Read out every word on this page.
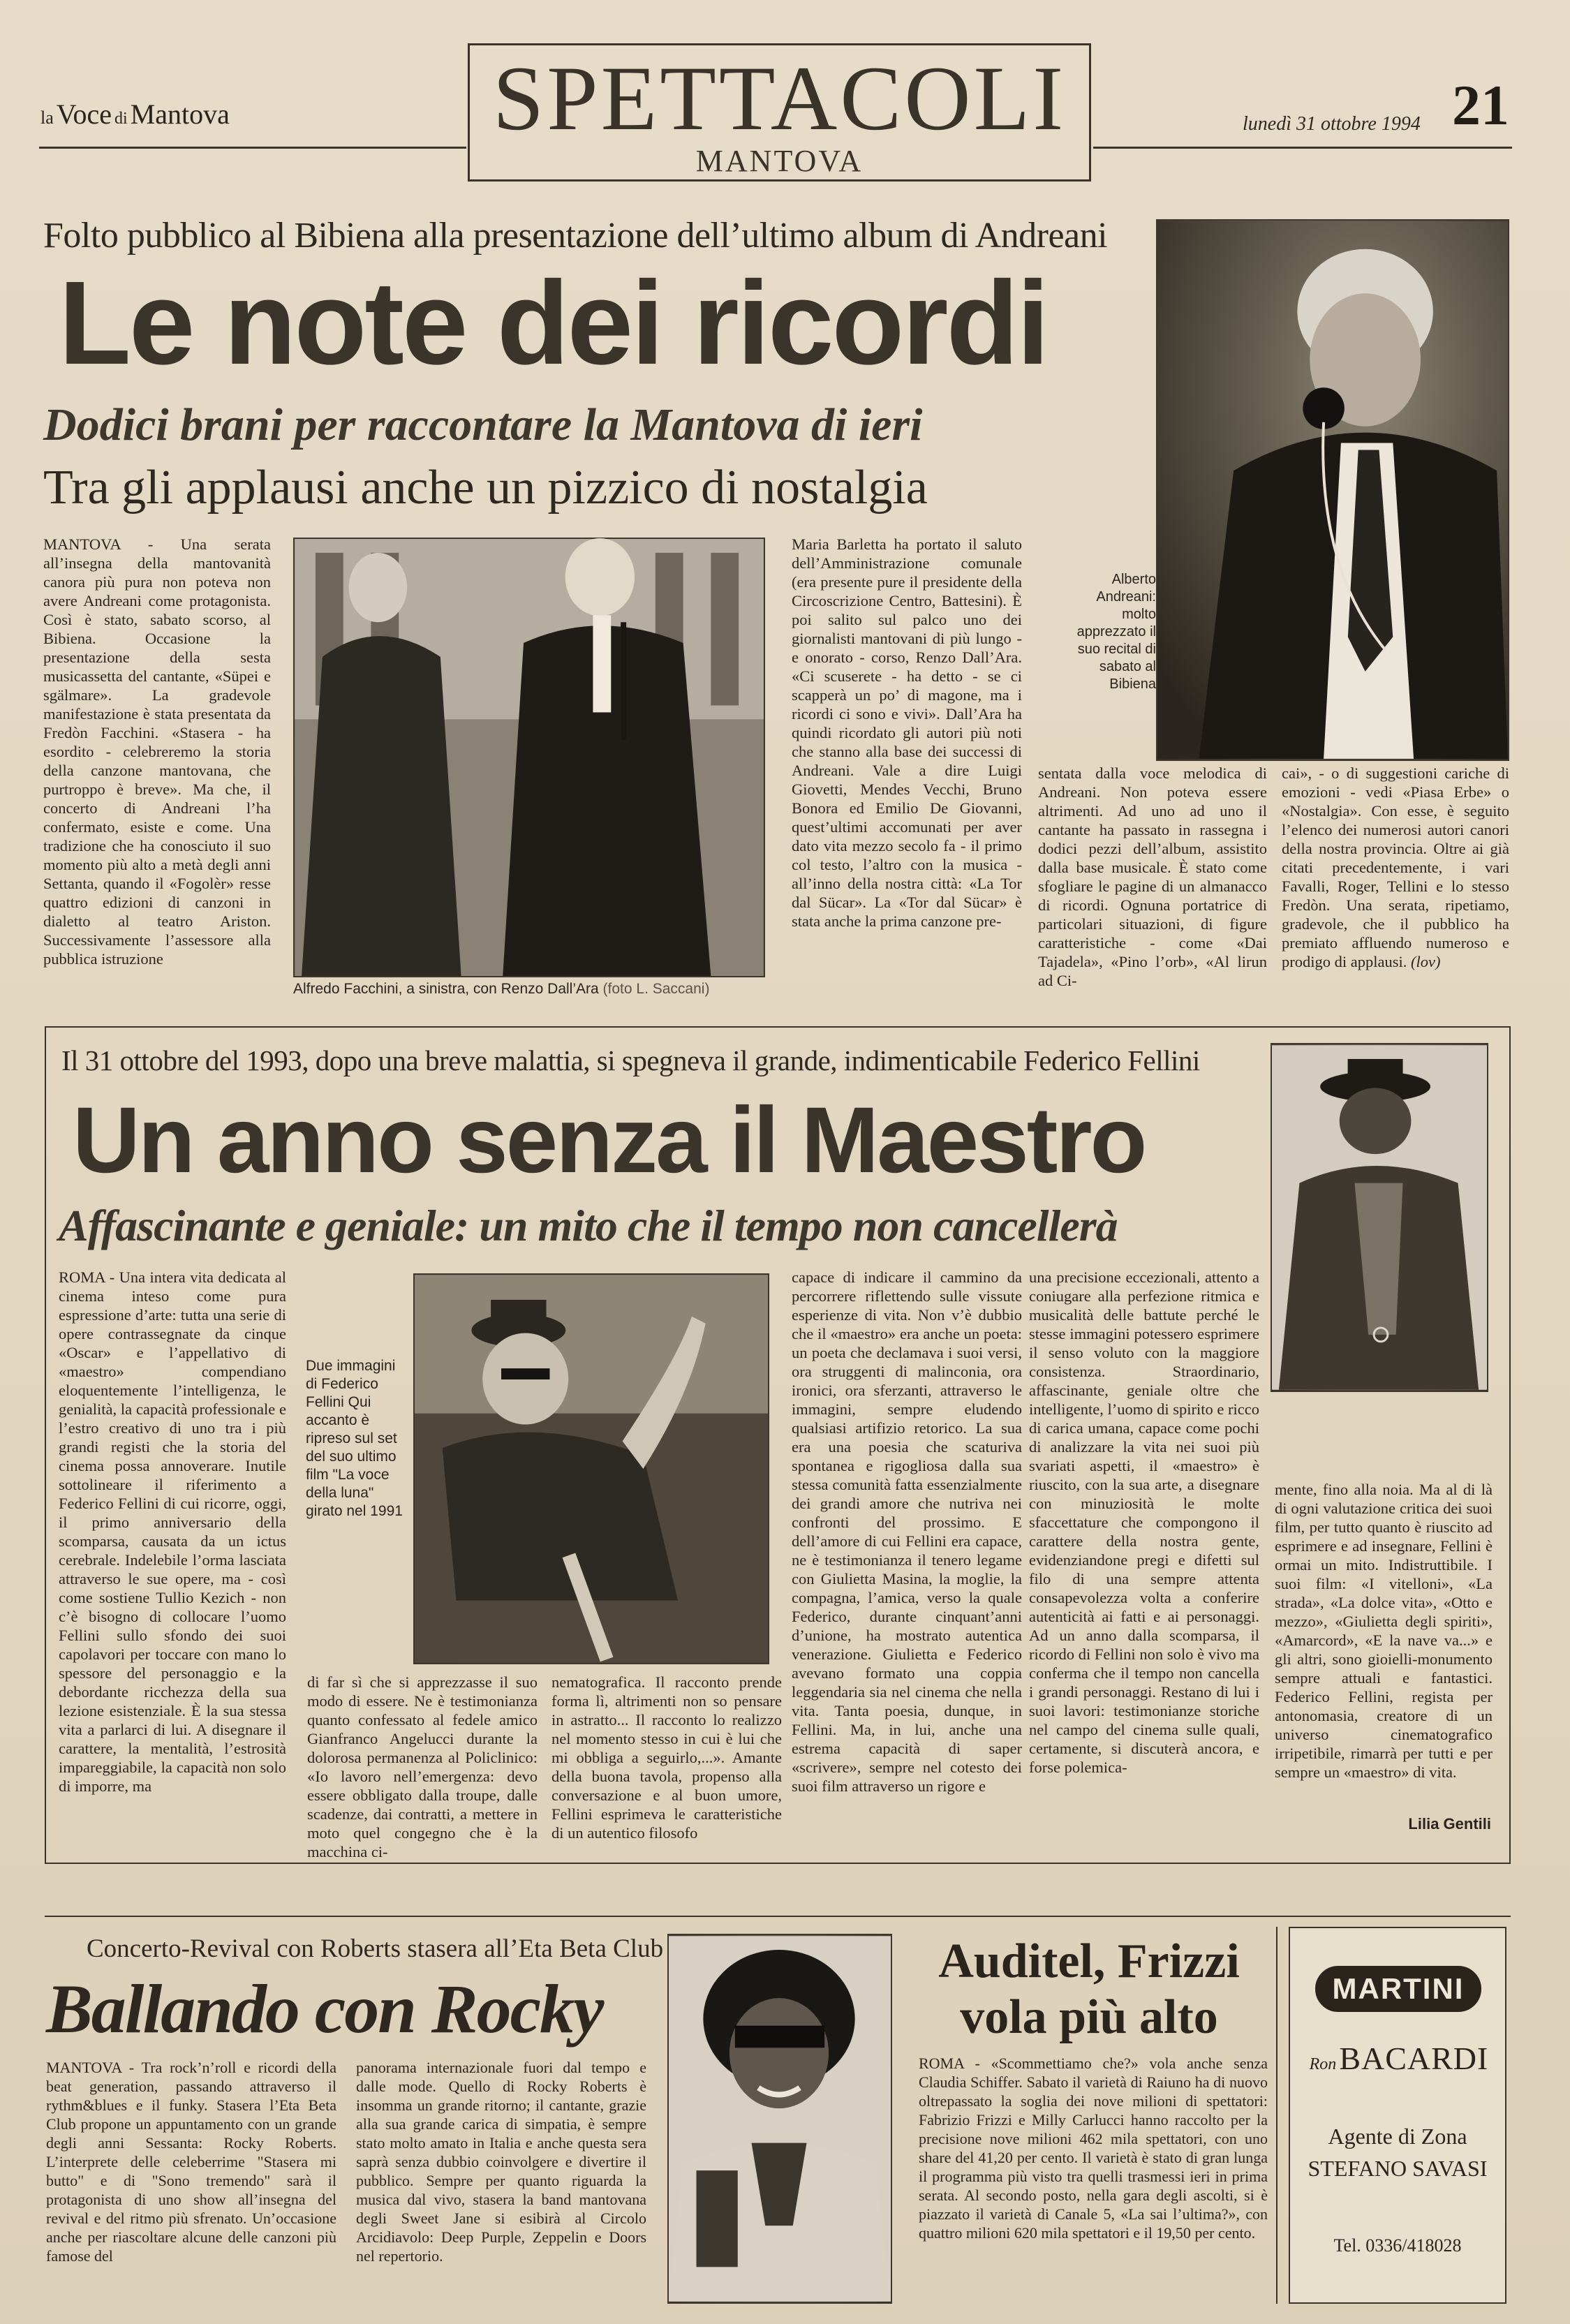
la Voce di Mantova	SPETTACOLI
MANTOVA
lunedì 31 ottobre 1994 21
Folto pubblico al Bibiena alla presentazione dell’ultimo album di Andreani
Le note dei ricordi
Dodici brani per raccontare la Mantova di ieri
Tra gli applausi anche un pizzico di nostalgia
MANTOVA - Una serata all’insegna della mantovanità canora più pura non poteva non avere Andreani come protagonista. Così è stato, sabato scorso, al Bibiena. Occasione la presentazione della sesta musicassetta del cantante, «Süpei e sgälmare». La gradevole manifestazione è stata presentata da Fredòn Facchini. «Stasera - ha esordito - celebreremo la storia della canzone mantovana, che purtroppo è breve». Ma che, il concerto di Andreani l’ha confermato, esiste e come. Una tradizione che ha conosciuto il suo momento più alto a metà degli anni Settanta, quando il «Fogolèr» resse quattro edizioni di canzoni in dialetto al teatro Ariston. Successivamente l’assessore alla pubblica istruzione
Alfredo Facchini, a sinistra, con Renzo Dall’Ara (foto L. Saccani)
Maria Barletta ha portato il saluto dell’Amministrazione comunale (era presente pure il presidente della Circoscrizione Centro, Battesini). È poi salito sul palco uno dei giornalisti mantovani di più lungo - e onorato - corso, Renzo Dall’Ara. «Ci scuserete - ha detto - se ci scapperà un po’ di magone, ma i ricordi ci sono e vivi». Dall’Ara ha quindi ricordato gli autori più noti che stanno alla base dei successi di Andreani. Vale a dire Luigi Giovetti, Mendes Vecchi, Bruno Bonora ed Emilio De Giovanni, quest’ultimi accomunati per aver dato vita mezzo secolo fa - il primo col testo, l’altro con la musica - all’inno della nostra città: «La Tor dal Sücar». La «Tor dal Sücar» è stata anche la prima canzone pre-
Alberto Andreani: molto apprezzato il suo recital di sabato al Bibiena
sentata dalla voce melodica di Andreani. Non poteva essere altrimenti. Ad uno ad uno il cantante ha passato in rassegna i dodici pezzi dell’album, assistito dalla base musicale. È stato come sfogliare le pagine di un almanacco di ricordi. Ognuna portatrice di particolari situazioni, di figure caratteristiche - come «Dai Tajadela», «Pino l’orb», «Al lirun ad Ci-
cai», - o di suggestioni cariche di emozioni - vedi «Piasa Erbe» o «Nostalgia». Con esse, è seguito l’elenco dei numerosi autori canori della nostra provincia. Oltre ai già citati precedentemente, i vari Favalli, Roger, Tellini e lo stesso Fredòn. Una serata, ripetiamo, gradevole, che il pubblico ha premiato affluendo numeroso e prodigo di applausi. (lov)
Il 31 ottobre del 1993, dopo una breve malattia, si spegneva il grande, indimenticabile Federico Fellini
Un anno senza il Maestro
Affascinante e geniale: un mito che il tempo non cancellerà
ROMA - Una intera vita dedicata al cinema inteso come pura espressione d’arte: tutta una serie di opere contrassegnate da cinque «Oscar» e l’appellativo di «maestro» compendiano eloquentemente l’intelligenza, le genialità, la capacità professionale e l’estro creativo di uno tra i più grandi registi che la storia del cinema possa annoverare. Inutile sottolineare il riferimento a Federico Fellini di cui ricorre, oggi, il primo anniversario della scomparsa, causata da un ictus cerebrale. Indelebile l’orma lasciata attraverso le sue opere, ma - così come sostiene Tullio Kezich - non c’è bisogno di collocare l’uomo Fellini sullo sfondo dei suoi capolavori per toccare con mano lo spessore del personaggio e la debordante ricchezza della sua lezione esistenziale. È la sua stessa vita a parlarci di lui. A disegnare il carattere, la mentalità, l’estrosità impareggiabile, la capacità non solo di imporre, ma
Due immagini di Federico Fellini Qui accanto è ripreso sul set del suo ultimo film "La voce della luna" girato nel 1991
di far sì che si apprezzasse il suo modo di essere. Ne è testimonianza quanto confessato al fedele amico Gianfranco Angelucci durante la dolorosa permanenza al Policlinico: «Io lavoro nell’emergenza: devo essere obbligato dalla troupe, dalle scadenze, dai contratti, a mettere in moto quel congegno che è la macchina ci-
capace di indicare il cammino da percorrere riflettendo sulle vissute esperienze di vita. Non v’è dubbio che il «maestro» era anche un poeta: un poeta che declamava i suoi versi, ora struggenti di malinconia, ora ironici, ora sferzanti, attraverso le immagini, sempre eludendo qualsiasi artifizio retorico. La sua era una poesia che scaturiva spontanea e rigogliosa dalla sua stessa comunità fatta essenzialmente dei grandi amore che nutriva nei confronti del prossimo. E dell’amore di cui Fellini era capace, ne è testimonianza il tenero legame con Giulietta Masina, la moglie, la compagna, l’amica, verso la quale Federico, durante cinquant’anni d’unione, ha mostrato autentica venerazione. Giulietta e Federico avevano formato una coppia leggendaria sia nel cinema che nella vita. Tanta poesia, dunque, in Fellini. Ma, in lui, anche una estrema capacità di saper «scrivere», sempre nel cotesto dei suoi film attraverso un rigore e
nematografica. Il racconto prende forma lì, altrimenti non so pensare in astratto... Il racconto lo realizzo nel momento stesso in cui è lui che mi obbliga a seguirlo,...». Amante della buona tavola, propenso alla conversazione e al buon umore, Fellini esprimeva le caratteristiche di un autentico filosofo
una precisione eccezionali, attento a coniugare alla perfezione ritmica e musicalità delle battute perché le stesse immagini potessero esprimere il senso voluto con la maggiore consistenza. Straordinario, affascinante, geniale oltre che intelligente, l’uomo di spirito e ricco di carica umana, capace come pochi di analizzare la vita nei suoi più svariati aspetti, il «maestro» è riuscito, con la sua arte, a disegnare con minuziosità le molte sfaccettature che compongono il carattere della nostra gente, evidenziandone pregi e difetti sul filo di una sempre attenta consapevolezza volta a conferire autenticità ai fatti e ai personaggi. Ad un anno dalla scomparsa, il ricordo di Fellini non solo è vivo ma conferma che il tempo non cancella i grandi personaggi. Restano di lui i suoi lavori: testimonianze storiche nel campo del cinema sulle quali, certamente, si discuterà ancora, e forse polemica-
mente, fino alla noia. Ma al di là di ogni valutazione critica dei suoi film, per tutto quanto è riuscito ad esprimere e ad insegnare, Fellini è ormai un mito. Indistruttibile. I suoi film: «I vitelloni», «La strada», «La dolce vita», «Otto e mezzo», «Giulietta degli spiriti», «Amarcord», «E la nave va...» e gli altri, sono gioielli-monumento sempre attuali e fantastici. Federico Fellini, regista per antonomasia, creatore di un universo cinematografico irripetibile, rimarrà per tutti e per sempre un «maestro» di vita.
Lilia Gentili
Concerto-Revival con Roberts stasera all’Eta Beta Club
Ballando con Rocky
MANTOVA - Tra rock’n’roll e ricordi della beat generation, passando attraverso il rythm&blues e il funky. Stasera l’Eta Beta Club propone un appuntamento con un grande degli anni Sessanta: Rocky Roberts. L’interprete delle celeberrime "Stasera mi butto" e di "Sono tremendo" sarà il protagonista di uno show all’insegna del revival e del ritmo più sfrenato. Un’occasione anche per riascoltare alcune delle canzoni più famose del
panorama internazionale fuori dal tempo e dalle mode. Quello di Rocky Roberts è insomma un grande ritorno; il cantante, grazie alla sua grande carica di simpatia, è sempre stato molto amato in Italia e anche questa sera saprà senza dubbio coinvolgere e divertire il pubblico. Sempre per quanto riguarda la musica dal vivo, stasera la band mantovana degli Sweet Jane si esibirà al Circolo Arcidiavolo: Deep Purple, Zeppelin e Doors nel repertorio.
Auditel, Frizzi
vola più alto
ROMA - «Scommettiamo che?» vola anche senza Claudia Schiffer. Sabato il varietà di Raiuno ha di nuovo oltrepassato la soglia dei nove milioni di spettatori: Fabrizio Frizzi e Milly Carlucci hanno raccolto per la precisione nove milioni 462 mila spettatori, con uno share del 41,20 per cento. Il varietà è stato di gran lunga il programma più visto tra quelli trasmessi ieri in prima serata. Al secondo posto, nella gara degli ascolti, si è piazzato il varietà di Canale 5, «La sai l’ultima?», con quattro milioni 620 mila spettatori e il 19,50 per cento.
MARTINI
Ron BACARDI
Agente di Zona
STEFANO SAVASI
Tel. 0336/418028
